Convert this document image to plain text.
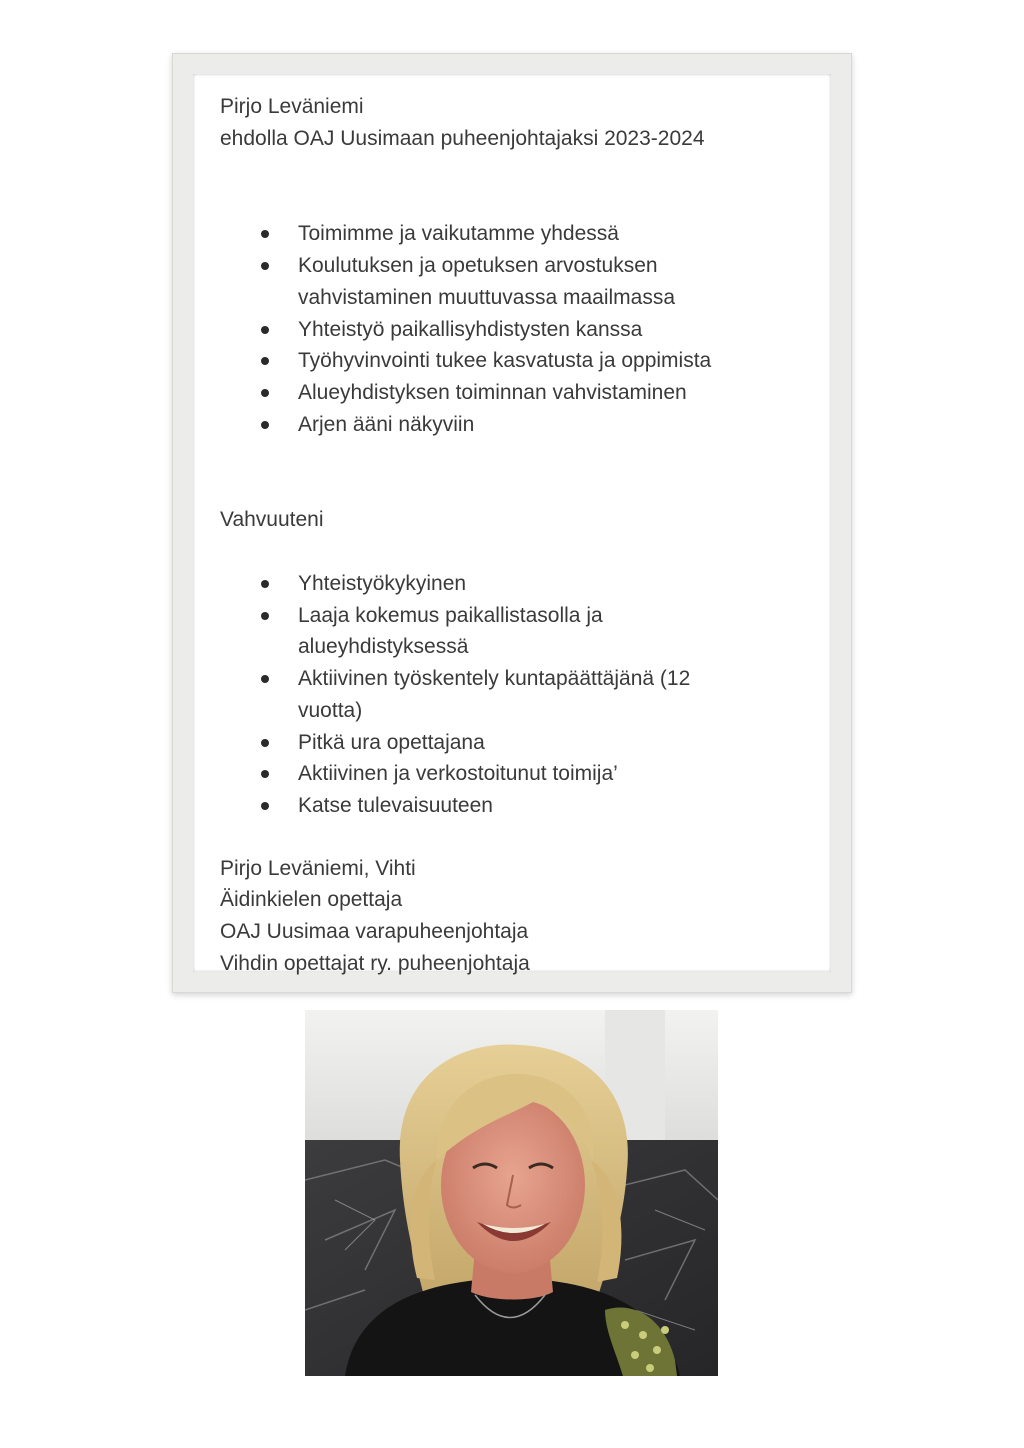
Pirjo Leväniemi

ehdolla OAJ Uusimaan puheenjohtajaksi 2023-2024

Toimimme ja vaikutamme yhdessä
Koulutuksen ja opetuksen arvostuksen
vahvistaminen muuttuvassa maailmassa
Yhteistyö paikallisyhdistysten kanssa
Työhyvinvointi tukee kasvatusta ja oppimista
Alueyhdistyksen toiminnan vahvistaminen
Arjen ääni näkyviin

Vahvuuteni

Yhteistyökykyinen
Laaja kokemus paikallistasolla ja
alueyhdistyksessä
Aktiivinen työskentely kuntapäättäjänä (12
vuotta)
Pitkä ura opettajana
Aktiivinen ja verkostoitunut toimija’
Katse tulevaisuuteen

Pirjo Leväniemi, Vihti

Äidinkielen opettaja

OAJ Uusimaa varapuheenjohtaja

Vihdin opettajat ry. puheenjohtaja
